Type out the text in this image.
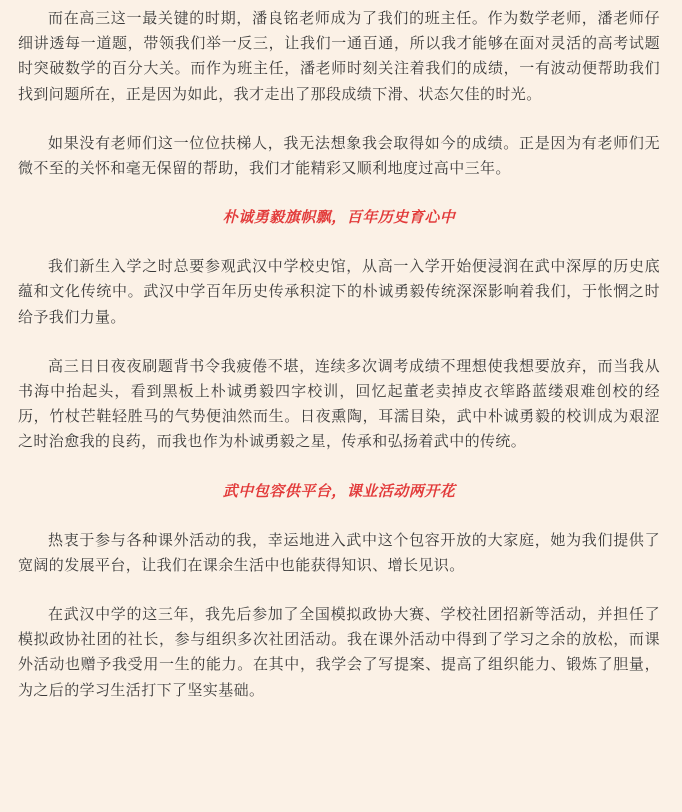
而在高三这一最关键的时期，潘良铭老师成为了我们的班主任。作为数学老师，潘老师仔细讲透每一道题，带领我们举一反三，让我们一通百通，所以我才能够在面对灵活的高考试题时突破数学的百分大关。而作为班主任，潘老师时刻关注着我们的成绩，一有波动便帮助我们找到问题所在，正是因为如此，我才走出了那段成绩下滑、状态欠佳的时光。

如果没有老师们这一位位扶梯人，我无法想象我会取得如今的成绩。正是因为有老师们无微不至的关怀和毫无保留的帮助，我们才能精彩又顺利地度过高中三年。

朴诚勇毅旗帜飘，百年历史育心中

我们新生入学之时总要参观武汉中学校史馆，从高一入学开始便浸润在武中深厚的历史底蕴和文化传统中。武汉中学百年历史传承积淀下的朴诚勇毅传统深深影响着我们，于怅惘之时给予我们力量。

高三日日夜夜刷题背书令我疲倦不堪，连续多次调考成绩不理想使我想要放弃，而当我从书海中抬起头，看到黑板上朴诚勇毅四字校训，回忆起董老卖掉皮衣筚路蓝缕艰难创校的经历，竹杖芒鞋轻胜马的气势便油然而生。日夜熏陶，耳濡目染，武中朴诚勇毅的校训成为艰涩之时治愈我的良药，而我也作为朴诚勇毅之星，传承和弘扬着武中的传统。

武中包容供平台，课业活动两开花

热衷于参与各种课外活动的我，幸运地进入武中这个包容开放的大家庭，她为我们提供了宽阔的发展平台，让我们在课余生活中也能获得知识、增长见识。

在武汉中学的这三年，我先后参加了全国模拟政协大赛、学校社团招新等活动，并担任了模拟政协社团的社长，参与组织多次社团活动。我在课外活动中得到了学习之余的放松，而课外活动也赠予我受用一生的能力。在其中，我学会了写提案、提高了组织能力、锻炼了胆量，为之后的学习生活打下了坚实基础。
